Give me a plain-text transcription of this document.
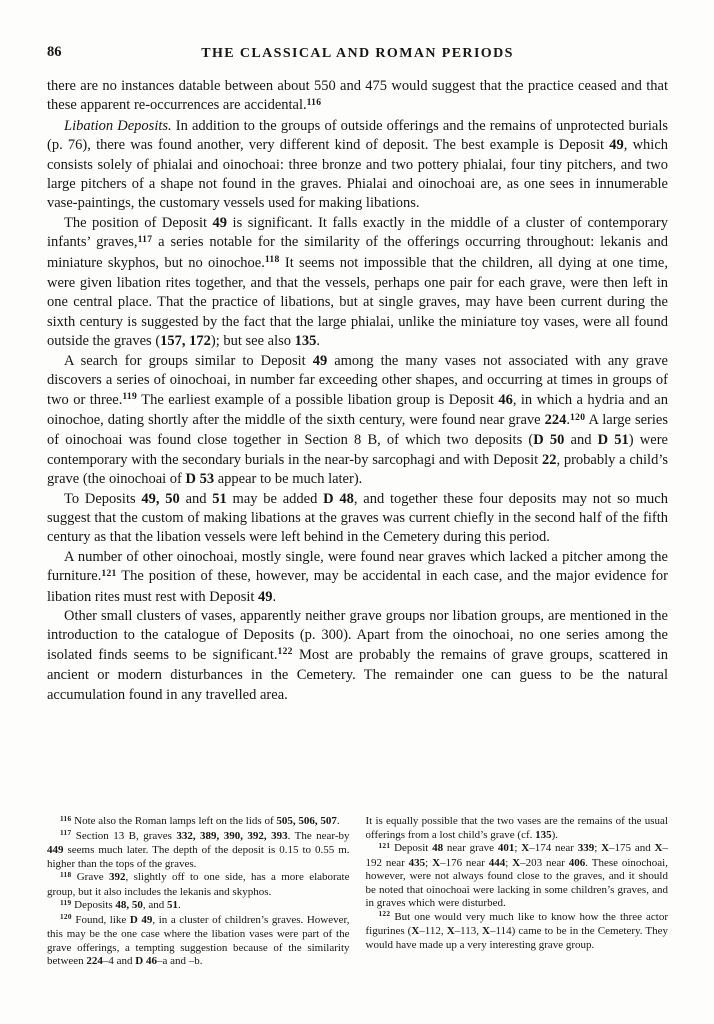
86	THE CLASSICAL AND ROMAN PERIODS

there are no instances datable between about 550 and 475 would suggest that the practice ceased and that these apparent re-occurrences are accidental.$^{116}$

Libation Deposits. In addition to the groups of outside offerings and the remains of unprotected burials (p. 76), there was found another, very different kind of deposit. The best example is Deposit 49, which consists solely of phialai and oinochoai: three bronze and two pottery phialai, four tiny pitchers, and two large pitchers of a shape not found in the graves. Phialai and oinochoai are, as one sees in innumerable vase-paintings, the customary vessels used for making libations.

The position of Deposit 49 is significant. It falls exactly in the middle of a cluster of contemporary infants’ graves,$^{117}$ a series notable for the similarity of the offerings occurring throughout: lekanis and miniature skyphos, but no oinochoe.$^{118}$ It seems not impossible that the children, all dying at one time, were given libation rites together, and that the vessels, perhaps one pair for each grave, were then left in one central place. That the practice of libations, but at single graves, may have been current during the sixth century is suggested by the fact that the large phialai, unlike the miniature toy vases, were all found outside the graves (157, 172); but see also 135.

A search for groups similar to Deposit 49 among the many vases not associated with any grave discovers a series of oinochoai, in number far exceeding other shapes, and occurring at times in groups of two or three.$^{119}$ The earliest example of a possible libation group is Deposit 46, in which a hydria and an oinochoe, dating shortly after the middle of the sixth century, were found near grave 224.$^{120}$ A large series of oinochoai was found close together in Section 8 B, of which two deposits (D 50 and D 51) were contemporary with the secondary burials in the near-by sarcophagi and with Deposit 22, probably a child’s grave (the oinochoai of D 53 appear to be much later).

To Deposits 49, 50 and 51 may be added D 48, and together these four deposits may not so much suggest that the custom of making libations at the graves was current chiefly in the second half of the fifth century as that the libation vessels were left behind in the Cemetery during this period.

A number of other oinochoai, mostly single, were found near graves which lacked a pitcher among the furniture.$^{121}$ The position of these, however, may be accidental in each case, and the major evidence for libation rites must rest with Deposit 49.

Other small clusters of vases, apparently neither grave groups nor libation groups, are mentioned in the introduction to the catalogue of Deposits (p. 300). Apart from the oinochoai, no one series among the isolated finds seems to be significant.$^{122}$ Most are probably the remains of grave groups, scattered in ancient or modern disturbances in the Cemetery. The remainder one can guess to be the natural accumulation found in any travelled area.

$^{116}$ Note also the Roman lamps left on the lids of 505, 506, 507.

$^{117}$ Section 13 B, graves 332, 389, 390, 392, 393. The near-by 449 seems much later. The depth of the deposit is 0.15 to 0.55 m. higher than the tops of the graves.

$^{118}$ Grave 392, slightly off to one side, has a more elaborate group, but it also includes the lekanis and skyphos.

$^{119}$ Deposits 48, 50, and 51.

$^{120}$ Found, like D 49, in a cluster of children’s graves. However, this may be the one case where the libation vases were part of the grave offerings, a tempting suggestion because of the similarity between 224–4 and D 46–a and –b.

It is equally possible that the two vases are the remains of the usual offerings from a lost child’s grave (cf. 135).

$^{121}$ Deposit 48 near grave 401; X–174 near 339; X–175 and X–192 near 435; X–176 near 444; X–203 near 406. These oinochoai, however, were not always found close to the graves, and it should be noted that oinochoai were lacking in some children’s graves, and in graves which were disturbed.

$^{122}$ But one would very much like to know how the three actor figurines (X–112, X–113, X–114) came to be in the Cemetery. They would have made up a very interesting grave group.
